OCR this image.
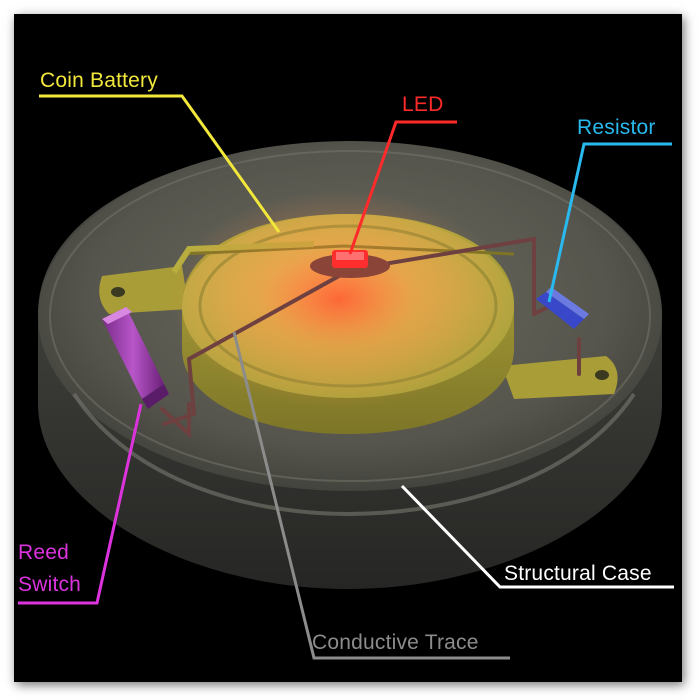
Coin Battery
LED
Resistor
Reed
Switch	Structural Case
Conductive Trace
